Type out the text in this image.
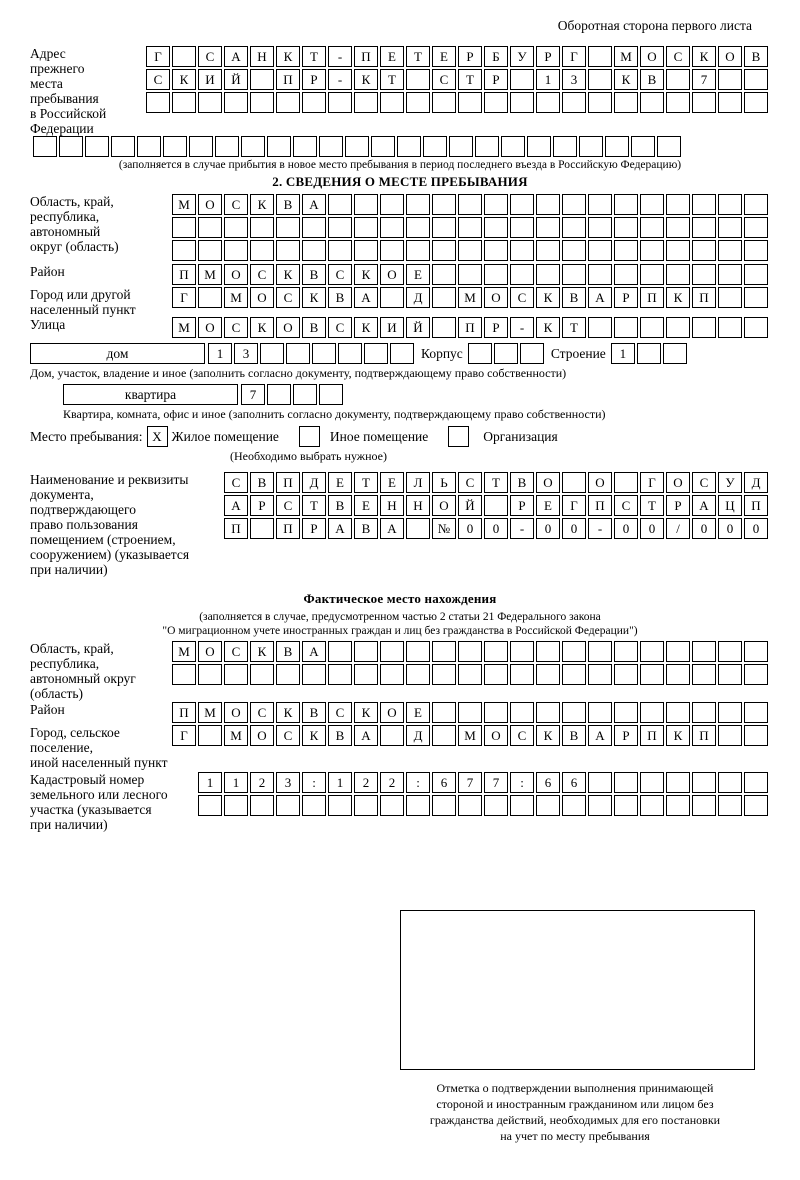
Оборотная сторона первого листа
Адрес прежнего
места пребывания
в Российской
Федерации
Г	С	А	Н	К	Т	-	П	Е	Т	Е	Р	Б	У	Р	Г	М	О	С	К	О	В
С	К	И	Й	П	Р	-	К	Т	С	Т	Р	1	3	К	В	7
(заполняется в случае прибытия в новое место пребывания в период последнего въезда в Российскую Федерацию)
2. СВЕДЕНИЯ О МЕСТЕ ПРЕБЫВАНИЯ
Область, край,
республика,
автономный
округ (область)
М	О	С	К	В	А
Район	П	М	О	С	К	В	С	К	О	Е
Город или другой
населенный пункт
Г	М	О	С	К	В	А	Д	М	О	С	К	В	А	Р	П	К	П
Улица	М	О	С	К	О	В	С	К	И	Й	П	Р	-	К	Т
дом	1	3	Корпус	Строение	1
Дом, участок, владение и иное (заполнить согласно документу, подтверждающему право собственности)
квартира	7
Квартира, комната, офис и иное (заполнить согласно документу, подтверждающему право собственности)
Место пребывания: Х Жилое помещение	Иное помещение	Организация
(Необходимо выбрать нужное)
Наименование и реквизиты
документа, подтверждающего
право пользования
помещением (строением,
сооружением) (указывается
при наличии)
С	В	П	Д	Е	Т	Е	Л	Ь	С	Т	В	О	О	Г	О	С	У	Д
А	Р	С	Т	В	Е	Н	Н	О	Й	Р	Е	Г	П	С	Т	Р	А	Ц	П
П	П	Р	А	В	А	№	0	0	-	0	0	-	0	0	/	0	0	0
Фактическое место нахождения
(заполняется в случае, предусмотренном частью 2 статьи 21 Федерального закона
"О миграционном учете иностранных граждан и лиц без гражданства в Российской Федерации")
Область, край,
республика,
автономный округ
(область)
М	О	С	К	В	А
Район	П	М	О	С	К	В	С	К	О	Е
Город, сельское поселение,
иной населенный пункт
Г	М	О	С	К	В	А	Д	М	О	С	К	В	А	Р	П	К	П
Кадастровый номер
земельного или лесного
участка (указывается
при наличии)
1	1	2	3	:	1	2	2	:	6	7	7	:	6	6
Отметка о подтверждении выполнения принимающей
стороной и иностранным гражданином или лицом без
гражданства действий, необходимых для его постановки
на учет по месту пребывания
